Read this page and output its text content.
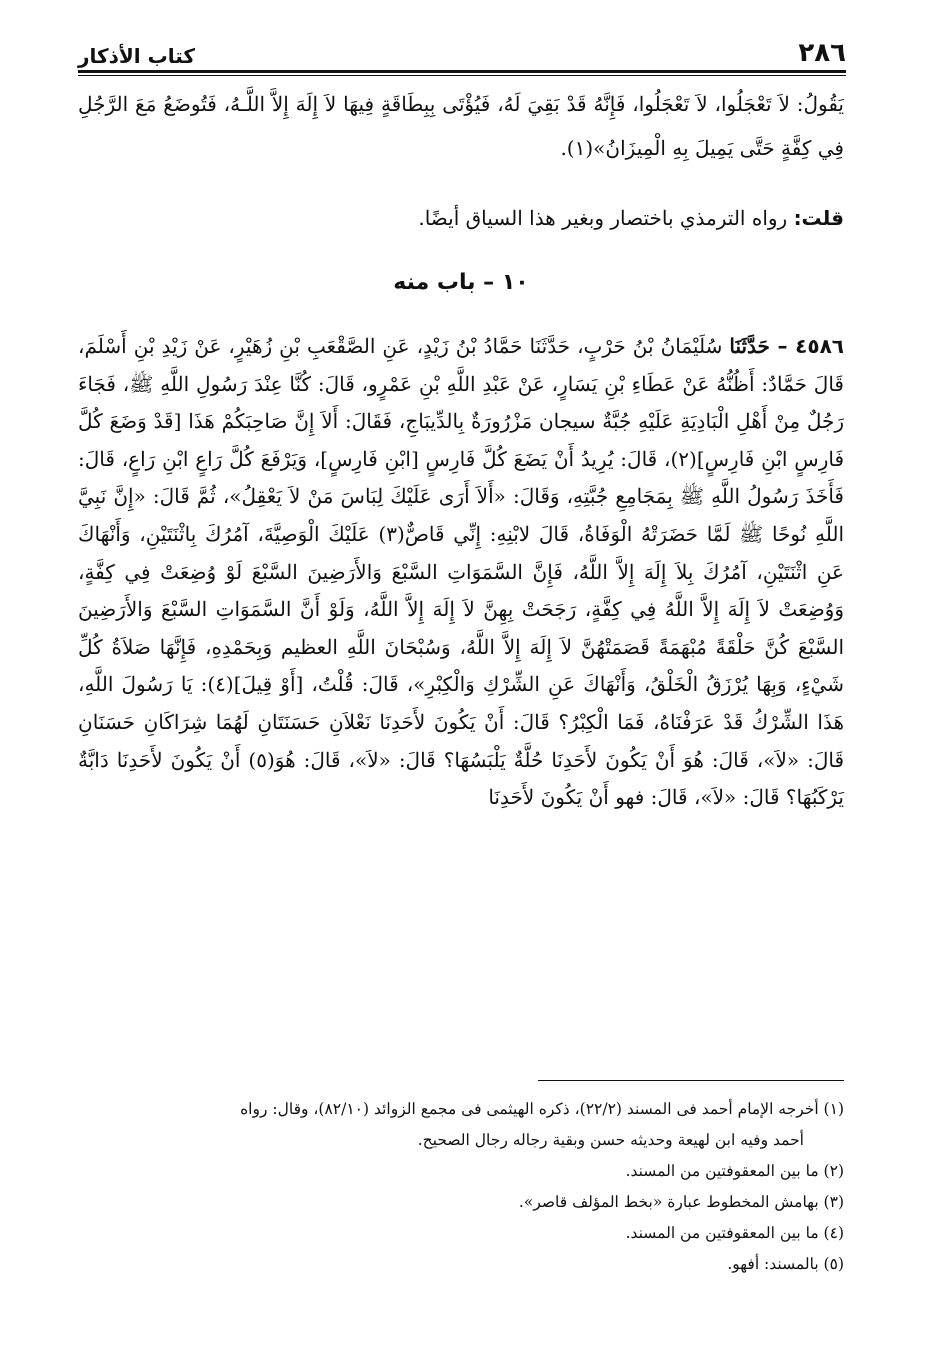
٢٨٦
كتاب الأذكار

يَقُولُ: لاَ تَعْجَلُوا، لاَ تَعْجَلُوا، فَإِنَّهُ قَدْ بَقِيَ لَهُ، فَيُؤْتَى بِبِطَاقَةٍ فِيهَا لاَ إِلَهَ إِلاَّ اللَّـهُ، فَتُوضَعُ مَعَ الرَّجُلِ فِي كِفَّةٍ حَتَّى يَمِيلَ بِهِ الْمِيزَانُ»(١).

قلت: رواه الترمذي باختصار وبغير هذا السياق أيضًا.

١٠ – باب منه

٤٥٨٦ – حَدَّثَنَا سُلَيْمَانُ بْنُ حَرْبٍ، حَدَّثَنَا حَمَّادُ بْنُ زَيْدٍ، عَنِ الصَّقْعَبِ بْنِ زُهَيْرٍ، عَنْ زَيْدِ بْنِ أَسْلَمَ، قَالَ حَمَّادٌ: أَظُنُّهُ عَنْ عَطَاءِ بْنِ يَسَارٍ، عَنْ عَبْدِ اللَّهِ بْنِ عَمْرٍو، قَالَ: كُنَّا عِنْدَ رَسُولِ اللَّهِ ﷺ، فَجَاءَ رَجُلٌ مِنْ أَهْلِ الْبَادِيَةِ عَلَيْهِ جُبَّةٌ سيجان مَزْرُورَةٌ بِالدِّيبَاجِ، فَقَالَ: أَلاَ إِنَّ صَاحِبَكُمْ هَذَا [قَدْ وَضَعَ كُلَّ فَارِسٍ ابْنِ فَارِسٍ](٢)، قَالَ: يُرِيدُ أَنْ يَضَعَ كُلَّ فَارِسٍ [ابْنِ فَارِسٍ]، وَيَرْفَعَ كُلَّ رَاعٍ ابْنِ رَاعٍ، قَالَ: فَأَخَذَ رَسُولُ اللَّهِ ﷺ بِمَجَامِعِ جُبَّتِهِ، وَقَالَ: «أَلاَ أَرَى عَلَيْكَ لِبَاسَ مَنْ لاَ يَعْقِلُ»، ثُمَّ قَالَ: «إِنَّ نَبِيَّ اللَّهِ نُوحًا ﷺ لَمَّا حَضَرَتْهُ الْوَفَاةُ، قَالَ لابْنِهِ: إِنِّي قَاصٌّ(٣) عَلَيْكَ الْوَصِيَّةَ، آمُرُكَ بِاثْنَتَيْنِ، وَأَنْهَاكَ عَنِ اثْنَتَيْنِ، آمُرُكَ بِلاَ إِلَهَ إِلاَّ اللَّهُ، فَإِنَّ السَّمَوَاتِ السَّبْعَ وَالأَرَضِينَ السَّبْعَ لَوْ وُضِعَتْ فِي كِفَّةٍ، وَوُضِعَتْ لاَ إِلَهَ إِلاَّ اللَّهُ فِي كِفَّةٍ، رَجَحَتْ بِهِنَّ لاَ إِلَهَ إِلاَّ اللَّهُ، وَلَوْ أَنَّ السَّمَوَاتِ السَّبْعَ وَالأَرَضِينَ السَّبْعَ كُنَّ حَلْقَةً مُبْهَمَةً قَصَمَتْهُنَّ لاَ إِلَهَ إِلاَّ اللَّهُ، وَسُبْحَانَ اللَّهِ العظيم وَبِحَمْدِهِ، فَإِنَّهَا صَلاَةُ كُلِّ شَيْءٍ، وَبِهَا يُرْزَقُ الْخَلْقُ، وَأَنْهَاكَ عَنِ الشِّرْكِ وَالْكِبْرِ»، قَالَ: قُلْتُ، [أَوْ قِيلَ](٤): يَا رَسُولَ اللَّهِ، هَذَا الشِّرْكُ قَدْ عَرَفْنَاهُ، فَمَا الْكِبْرُ؟ قَالَ: أَنْ يَكُونَ لأَحَدِنَا نَعْلاَنِ حَسَنَتَانِ لَهُمَا شِرَاكَانِ حَسَنَانِ قَالَ: «لاَ»، قَالَ: هُوَ أَنْ يَكُونَ لأَحَدِنَا حُلَّةٌ يَلْبَسُهَا؟ قَالَ: «لاَ»، قَالَ: هُوَ(٥) أَنْ يَكُونَ لأَحَدِنَا دَابَّةٌ يَرْكَبُهَا؟ قَالَ: «لاَ»، قَالَ: فهو أَنْ يَكُونَ لأَحَدِنَا

(١) أخرجه الإمام أحمد فى المسند (٢٢/٢)، ذكره الهيثمى فى مجمع الزوائد (٨٢/١٠)، وقال: رواه

أحمد وفيه ابن لهيعة وحديثه حسن وبقية رجاله رجال الصحيح.

(٢) ما بين المعقوفتين من المسند.

(٣) بهامش المخطوط عبارة «بخط المؤلف قاصر».

(٤) ما بين المعقوفتين من المسند.

(٥) بالمسند: أفهو.
